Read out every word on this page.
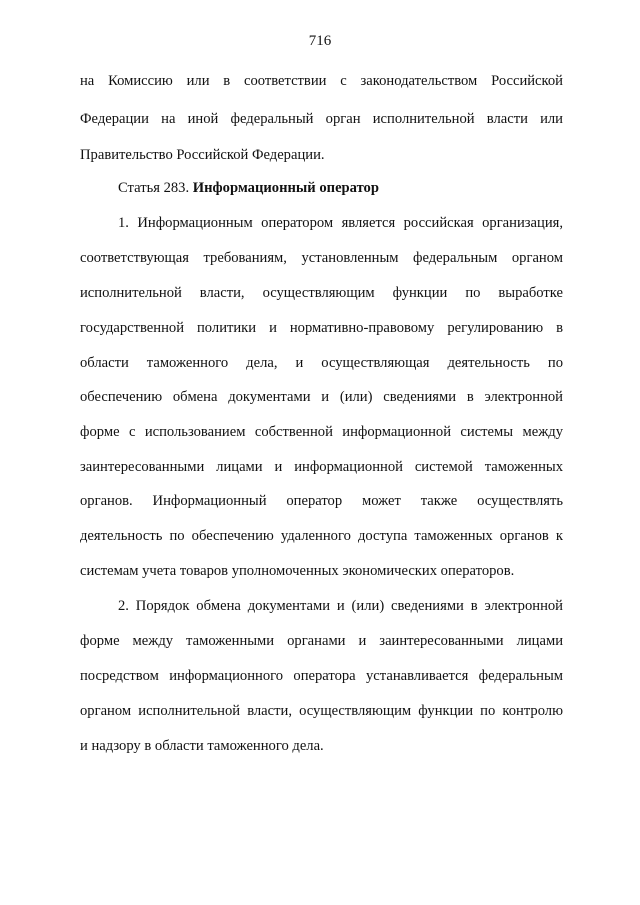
716
на Комиссию или в соответствии с законодательством Российской
Федерации на иной федеральный орган исполнительной власти или
Правительство Российской Федерации.
Статья 283. Информационный оператор
1. Информационным оператором является российская организация,
соответствующая требованиям, установленным федеральным органом
исполнительной власти, осуществляющим функции по выработке
государственной политики и нормативно-правовому регулированию в
области таможенного дела, и осуществляющая деятельность по
обеспечению обмена документами и (или) сведениями в электронной
форме с использованием собственной информационной системы между
заинтересованными лицами и информационной системой таможенных
органов. Информационный оператор может также осуществлять
деятельность по обеспечению удаленного доступа таможенных органов к
системам учета товаров уполномоченных экономических операторов.
2. Порядок обмена документами и (или) сведениями в электронной
форме между таможенными органами и заинтересованными лицами
посредством информационного оператора устанавливается федеральным
органом исполнительной власти, осуществляющим функции по контролю
и надзору в области таможенного дела.
